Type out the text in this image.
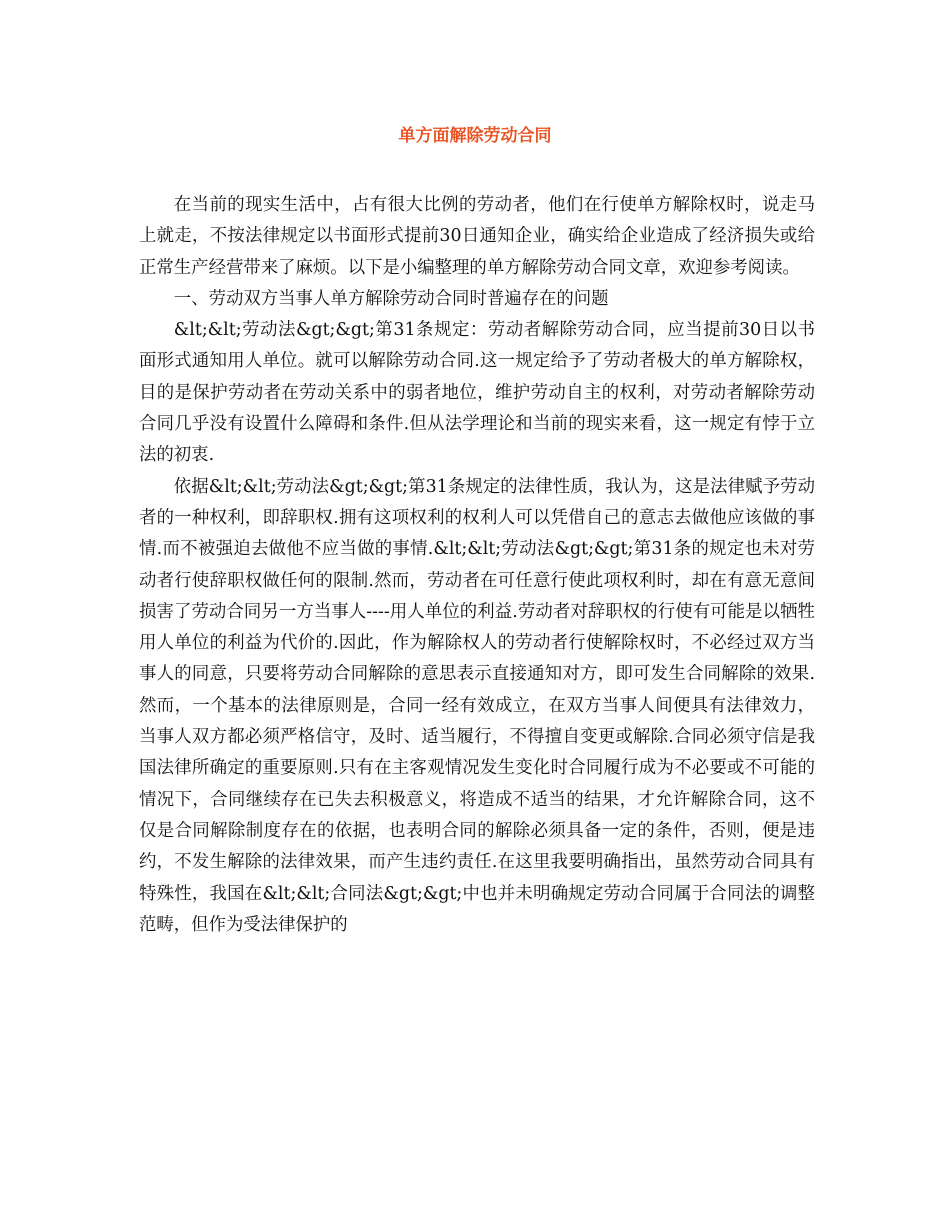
单方面解除劳动合同

在当前的现实生活中，占有很大比例的劳动者，他们在行使单方解除权时，说走马上就走，不按法律规定以书面形式提前30日通知企业，确实给企业造成了经济损失或给正常生产经营带来了麻烦。以下是小编整理的单方解除劳动合同文章，欢迎参考阅读。

一、劳动双方当事人单方解除劳动合同时普遍存在的问题

&lt;&lt;劳动法&gt;&gt;第31条规定：劳动者解除劳动合同，应当提前30日以书面形式通知用人单位。就可以解除劳动合同.这一规定给予了劳动者极大的单方解除权，目的是保护劳动者在劳动关系中的弱者地位，维护劳动自主的权利，对劳动者解除劳动合同几乎没有设置什么障碍和条件.但从法学理论和当前的现实来看，这一规定有悖于立法的初衷.

依据&lt;&lt;劳动法&gt;&gt;第31条规定的法律性质，我认为，这是法律赋予劳动者的一种权利，即辞职权.拥有这项权利的权利人可以凭借自己的意志去做他应该做的事情.而不被强迫去做他不应当做的事情.&lt;&lt;劳动法&gt;&gt;第31条的规定也未对劳动者行使辞职权做任何的限制.然而，劳动者在可任意行使此项权利时，却在有意无意间损害了劳动合同另一方当事人----用人单位的利益.劳动者对辞职权的行使有可能是以牺牲用人单位的利益为代价的.因此，作为解除权人的劳动者行使解除权时，不必经过双方当事人的同意，只要将劳动合同解除的意思表示直接通知对方，即可发生合同解除的效果.然而，一个基本的法律原则是，合同一经有效成立，在双方当事人间便具有法律效力，当事人双方都必须严格信守，及时、适当履行，不得擅自变更或解除.合同必须守信是我国法律所确定的重要原则.只有在主客观情况发生变化时合同履行成为不必要或不可能的情况下，合同继续存在已失去积极意义，将造成不适当的结果，才允许解除合同，这不仅是合同解除制度存在的依据，也表明合同的解除必须具备一定的条件，否则，便是违约，不发生解除的法律效果，而产生违约责任.在这里我要明确指出，虽然劳动合同具有特殊性，我国在&lt;&lt;合同法&gt;&gt;中也并未明确规定劳动合同属于合同法的调整范畴，但作为受法律保护的
